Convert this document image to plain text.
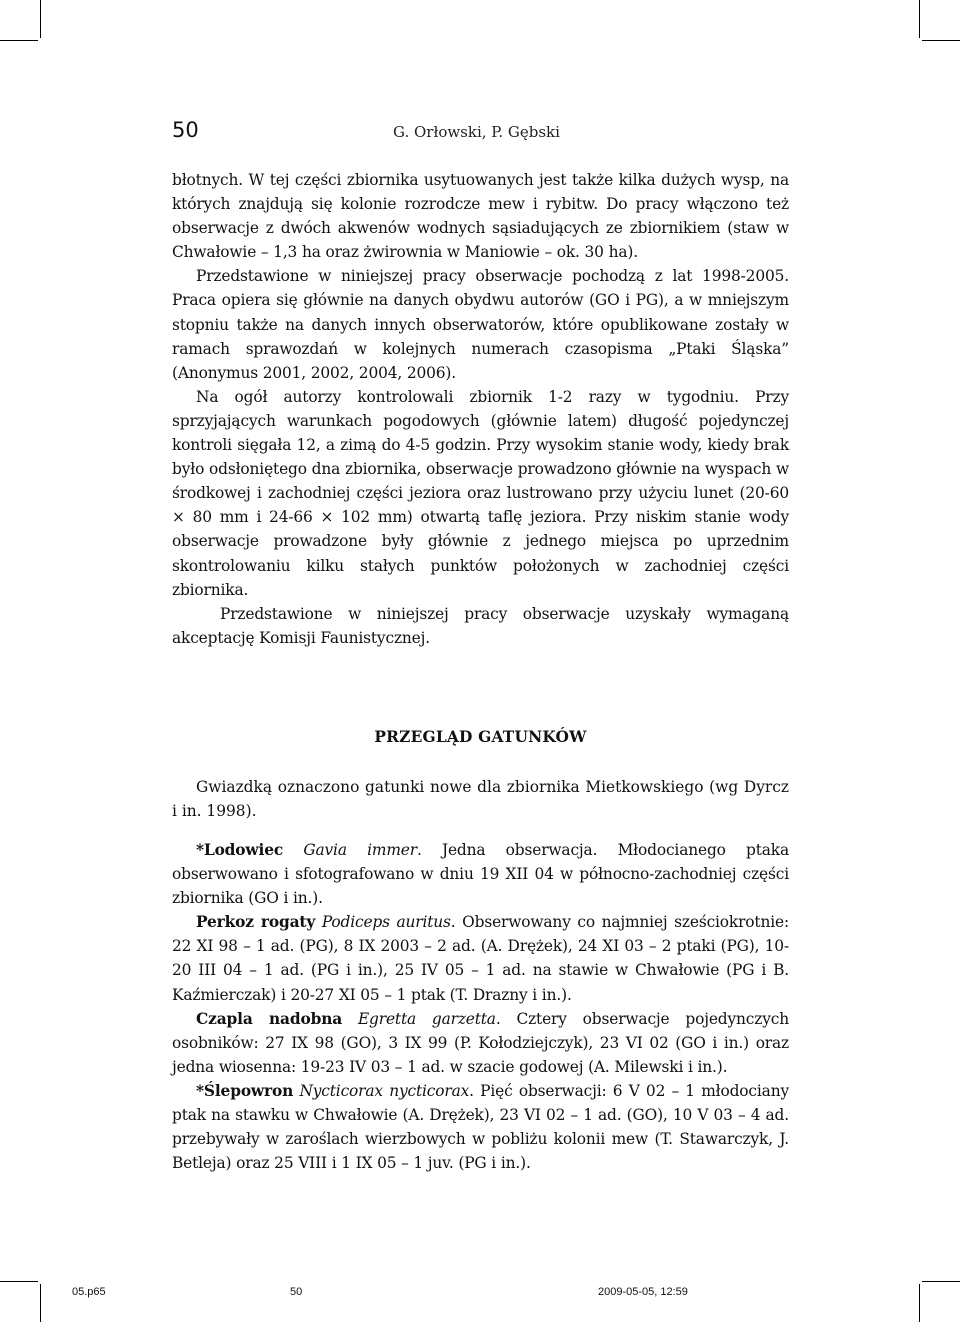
50	G. Orłowski, P. Gębski

błotnych. W tej części zbiornika usytuowanych jest także kilka dużych wysp, na których znajdują się kolonie rozrodcze mew i rybitw. Do pracy włączono też obserwacje z dwóch akwenów wodnych sąsiadujących ze zbiornikiem (staw w Chwałowie – 1,3 ha oraz żwirownia w Maniowie – ok. 30 ha).

Przedstawione w niniejszej pracy obserwacje pochodzą z lat 1998-2005. Praca opiera się głównie na danych obydwu autorów (GO i PG), a w mniejszym stopniu także na danych innych obserwatorów, które opublikowane zostały w ramach sprawozdań w kolejnych numerach czasopisma „Ptaki Śląska” (Anonymus 2001, 2002, 2004, 2006).

Na ogół autorzy kontrolowali zbiornik 1-2 razy w tygodniu. Przy sprzyjających warunkach pogodowych (głównie latem) długość pojedynczej kontroli sięgała 12, a zimą do 4-5 godzin. Przy wysokim stanie wody, kiedy brak było odsłoniętego dna zbiornika, obserwacje prowadzono głównie na wyspach w środkowej i zachodniej części jeziora oraz lustrowano przy użyciu lunet (20-60 × 80 mm i 24-66 × 102 mm) otwartą taflę jeziora. Przy niskim stanie wody obserwacje prowadzone były głównie z jednego miejsca po uprzednim skontrolowaniu kilku stałych punktów położonych w zachodniej części zbiornika.

Przedstawione w niniejszej pracy obserwacje uzyskały wymaganą akceptację Komisji Faunistycznej.

PRZEGLĄD GATUNKÓW

Gwiazdką oznaczono gatunki nowe dla zbiornika Mietkowskiego (wg Dyrcz i in. 1998).

*Lodowiec Gavia immer. Jedna obserwacja. Młodocianego ptaka obserwowano i sfotografowano w dniu 19 XII 04 w północno-zachodniej części zbiornika (GO i in.).

Perkoz rogaty Podiceps auritus. Obserwowany co najmniej sześciokrotnie: 22 XI 98 – 1 ad. (PG), 8 IX 2003 – 2 ad. (A. Drężek), 24 XI 03 – 2 ptaki (PG), 10-20 III 04 – 1 ad. (PG i in.), 25 IV 05 – 1 ad. na stawie w Chwałowie (PG i B. Kaźmierczak) i 20-27 XI 05 – 1 ptak (T. Drazny i in.).

Czapla nadobna Egretta garzetta. Cztery obserwacje pojedynczych osobników: 27 IX 98 (GO), 3 IX 99 (P. Kołodziejczyk), 23 VI 02 (GO i in.) oraz jedna wiosenna: 19-23 IV 03 – 1 ad. w szacie godowej (A. Milewski i in.).

*Ślepowron Nycticorax nycticorax. Pięć obserwacji: 6 V 02 – 1 młodociany ptak na stawku w Chwałowie (A. Drężek), 23 VI 02 – 1 ad. (GO), 10 V 03 – 4 ad. przebywały w zaroślach wierzbowych w pobliżu kolonii mew (T. Stawarczyk, J. Betleja) oraz 25 VIII i 1 IX 05 – 1 juv. (PG i in.).

05.p65	50	2009-05-05, 12:59
